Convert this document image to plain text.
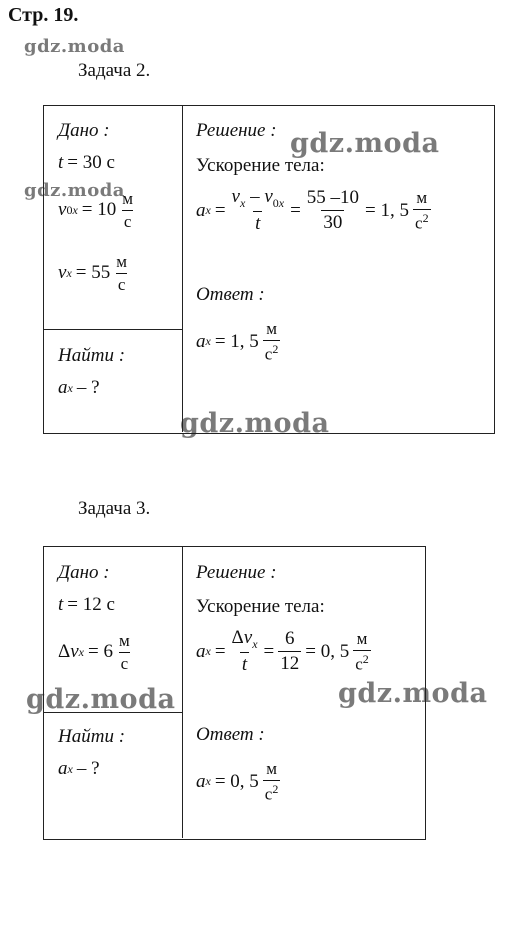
Стр. 19.
gdz.moda
gdz.moda
gdz.moda
gdz.moda
gdz.moda	gdz.moda
Задача 2.
Дано :
t = 30 с
v $0x = 10 \frac{м}{с}$
v $x = 55 \frac{м}{с}$
Найти :
a x – ?
Решение :
Ускорение тела:
a $x = \frac{v_x - v_{0x}}{t} = \frac{55 -10}{30} = 1$, $5 \frac{м}{с^2}$
Ответ :
a x = 1, $5 \frac{м}{с^2}$
Задача 3.
Дано :
t = 12 с
Δ v $x = 6 \frac{м}{с}$
Найти :
a x – ?
Решение :
Ускорение тела:
a $x = \frac{\Delta v_x}{t} = \frac{6}{12} = 0$, $5 \frac{м}{с^2}$
Ответ :
a x = 0, $5 \frac{м}{с^2}$
